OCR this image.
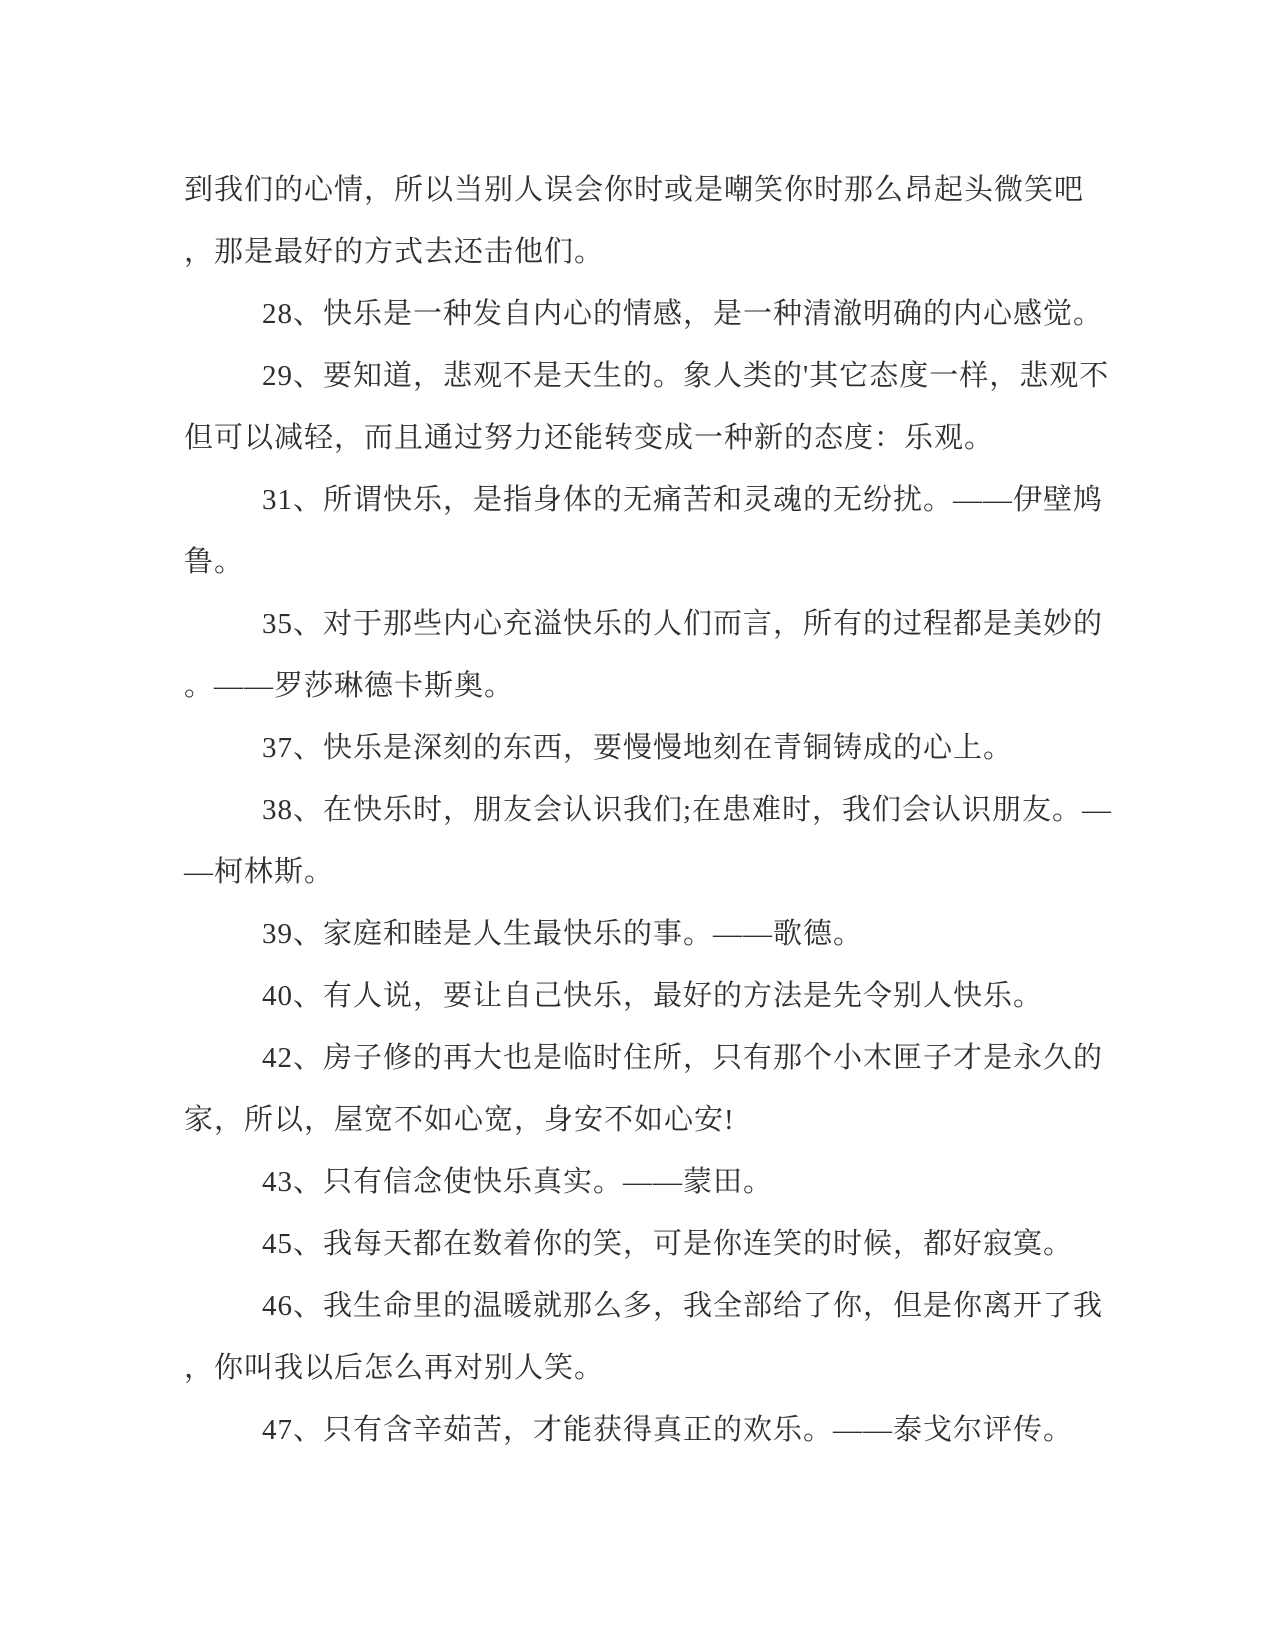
到我们的心情，所以当别人误会你时或是嘲笑你时那么昂起头微笑吧
，那是最好的方式去还击他们。
28、快乐是一种发自内心的情感，是一种清澈明确的内心感觉。
29、要知道，悲观不是天生的。象人类的'其它态度一样，悲观不
但可以减轻，而且通过努力还能转变成一种新的态度：乐观。
31、所谓快乐，是指身体的无痛苦和灵魂的无纷扰。——伊壁鸠
鲁。
35、对于那些内心充溢快乐的人们而言，所有的过程都是美妙的
。——罗莎琳德卡斯奥。
37、快乐是深刻的东西，要慢慢地刻在青铜铸成的心上。
38、在快乐时，朋友会认识我们;在患难时，我们会认识朋友。—
—柯林斯。
39、家庭和睦是人生最快乐的事。——歌德。
40、有人说，要让自己快乐，最好的方法是先令别人快乐。
42、房子修的再大也是临时住所，只有那个小木匣子才是永久的
家，所以，屋宽不如心宽，身安不如心安!
43、只有信念使快乐真实。——蒙田。
45、我每天都在数着你的笑，可是你连笑的时候，都好寂寞。
46、我生命里的温暖就那么多，我全部给了你，但是你离开了我
，你叫我以后怎么再对别人笑。
47、只有含辛茹苦，才能获得真正的欢乐。——泰戈尔评传。
